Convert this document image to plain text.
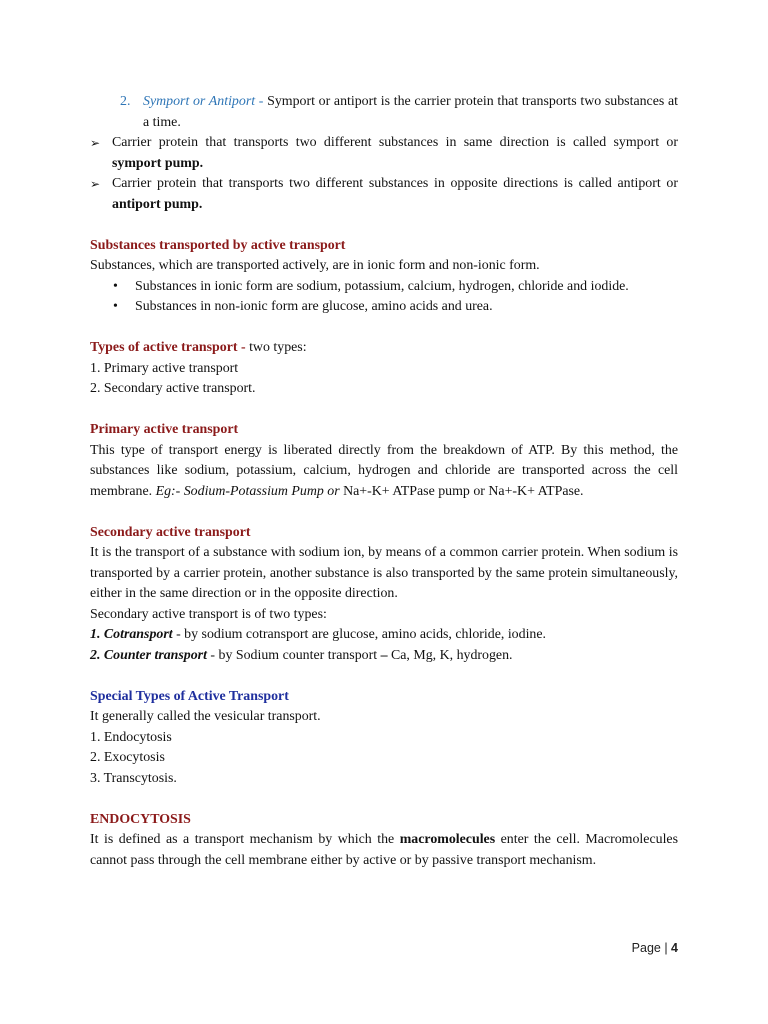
2. Symport or Antiport - Symport or antiport is the carrier protein that transports two substances at a time.
➢ Carrier protein that transports two different substances in same direction is called symport or symport pump.
➢ Carrier protein that transports two different substances in opposite directions is called antiport or antiport pump.

Substances transported by active transport

Substances, which are transported actively, are in ionic form and non-ionic form.

• Substances in ionic form are sodium, potassium, calcium, hydrogen, chloride and iodide.
• Substances in non-ionic form are glucose, amino acids and urea.

Types of active transport - two types:

1. Primary active transport

2. Secondary active transport.

Primary active transport

This type of transport energy is liberated directly from the breakdown of ATP. By this method, the substances like sodium, potassium, calcium, hydrogen and chloride are transported across the cell membrane. Eg:- Sodium-Potassium Pump or Na+-K+ ATPase pump or Na+-K+ ATPase.

Secondary active transport

It is the transport of a substance with sodium ion, by means of a common carrier protein. When sodium is transported by a carrier protein, another substance is also transported by the same protein simultaneously, either in the same direction or in the opposite direction.

Secondary active transport is of two types:

1. Cotransport - by sodium cotransport are glucose, amino acids, chloride, iodine.

2. Counter transport - by Sodium counter transport – Ca, Mg, K, hydrogen.

Special Types of Active Transport

It generally called the vesicular transport.

1. Endocytosis

2. Exocytosis

3. Transcytosis.

ENDOCYTOSIS

It is defined as a transport mechanism by which the macromolecules enter the cell. Macromolecules cannot pass through the cell membrane either by active or by passive transport mechanism.

Page | 4
